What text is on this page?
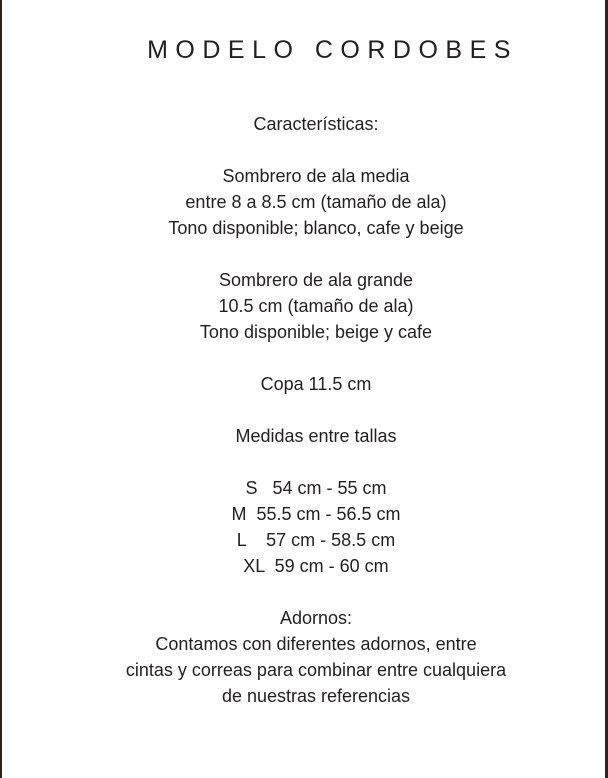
MODELO CORDOBES
Características:
Sombrero de ala media
entre 8 a 8.5 cm (tamaño de ala)
Tono disponible; blanco, cafe y beige
Sombrero de ala grande
10.5 cm (tamaño de ala)
Tono disponible; beige y cafe
Copa 11.5 cm
Medidas entre tallas
S   54 cm - 55 cm
M  55.5 cm - 56.5 cm
L    57 cm - 58.5 cm
XL  59 cm - 60 cm
Adornos:
Contamos con diferentes adornos, entre
cintas y correas para combinar entre cualquiera
de nuestras referencias
